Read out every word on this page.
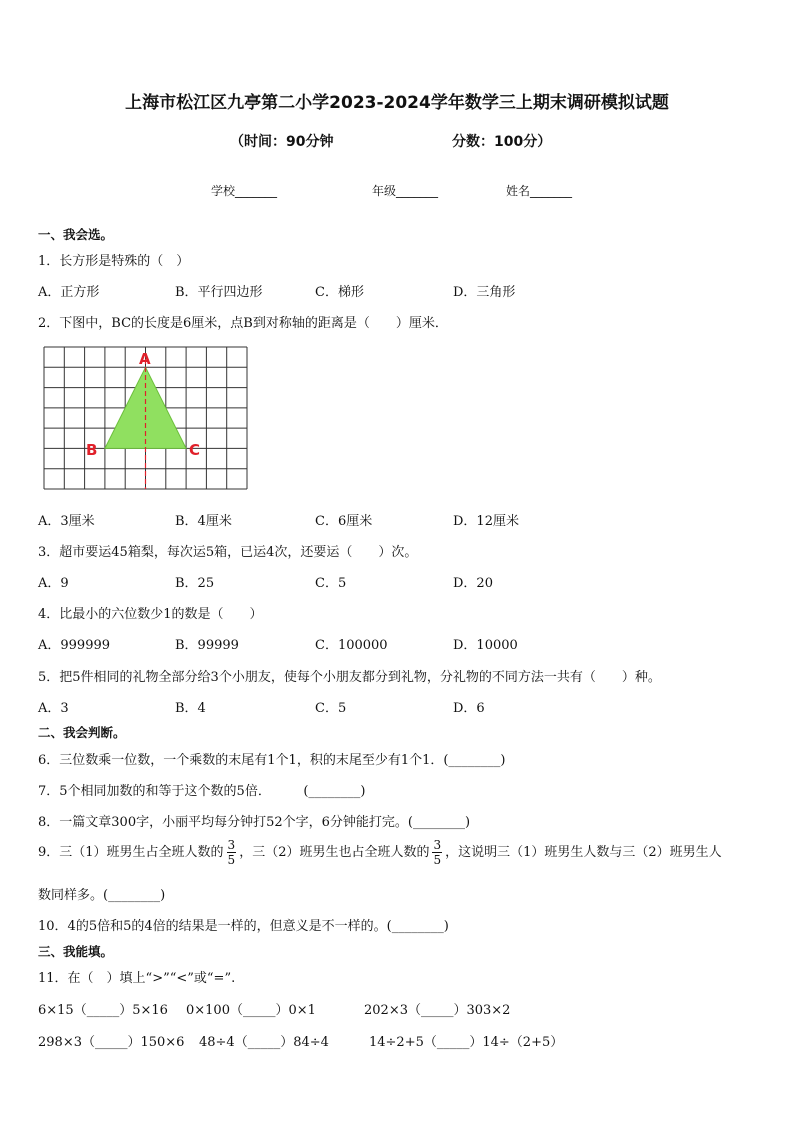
上海市松江区九亭第二小学2023-2024学年数学三上期末调研模拟试题
（时间：90分钟	分数：100分）
学校_______	年级_______	姓名_______
一、我会选。
1．长方形是特殊的（　）
A．正方形	B．平行四边形	C．梯形	D．三角形
2．下图中，BC的长度是6厘米，点B到对称轴的距离是（　　）厘米．
A
B	C
A．3厘米	B．4厘米	C．6厘米	D．12厘米
3．超市要运45箱梨，每次运5箱，已运4次，还要运（　　）次。
A．9	B．25	C．5	D．20
4．比最小的六位数少1的数是（　　）
A．999999	B．99999	C．100000	D．10000
5．把5件相同的礼物全部分给3个小朋友，使每个小朋友都分到礼物，分礼物的不同方法一共有（　　）种。
A．3	B．4	C．5	D．6
二、我会判断。
6．三位数乘一位数，一个乘数的末尾有1个1，积的末尾至少有1个1．(________)
7．5个相同加数的和等于这个数的5倍．　　　(________)
8．一篇文章300字，小丽平均每分钟打52个字，6分钟能打完。(________)
9．三（1）班男生占全班人数的 $\frac{3}{5}$ ，三（2）班男生也占全班人数的 $\frac{3}{5}$ ，这说明三（1）班男生人数与三（2）班男生人
数同样多。(________)
10．4的5倍和5的4倍的结果是一样的，但意义是不一样的。(________)
三、我能填。
11．在（　）填上“>”“<”或“=”.
6×15（_____）5×16 0×100（_____）0×1	202×3（_____）303×2
298×3（_____）150×6 48÷4（_____）84÷4	14÷2+5（_____）14÷（2+5）
